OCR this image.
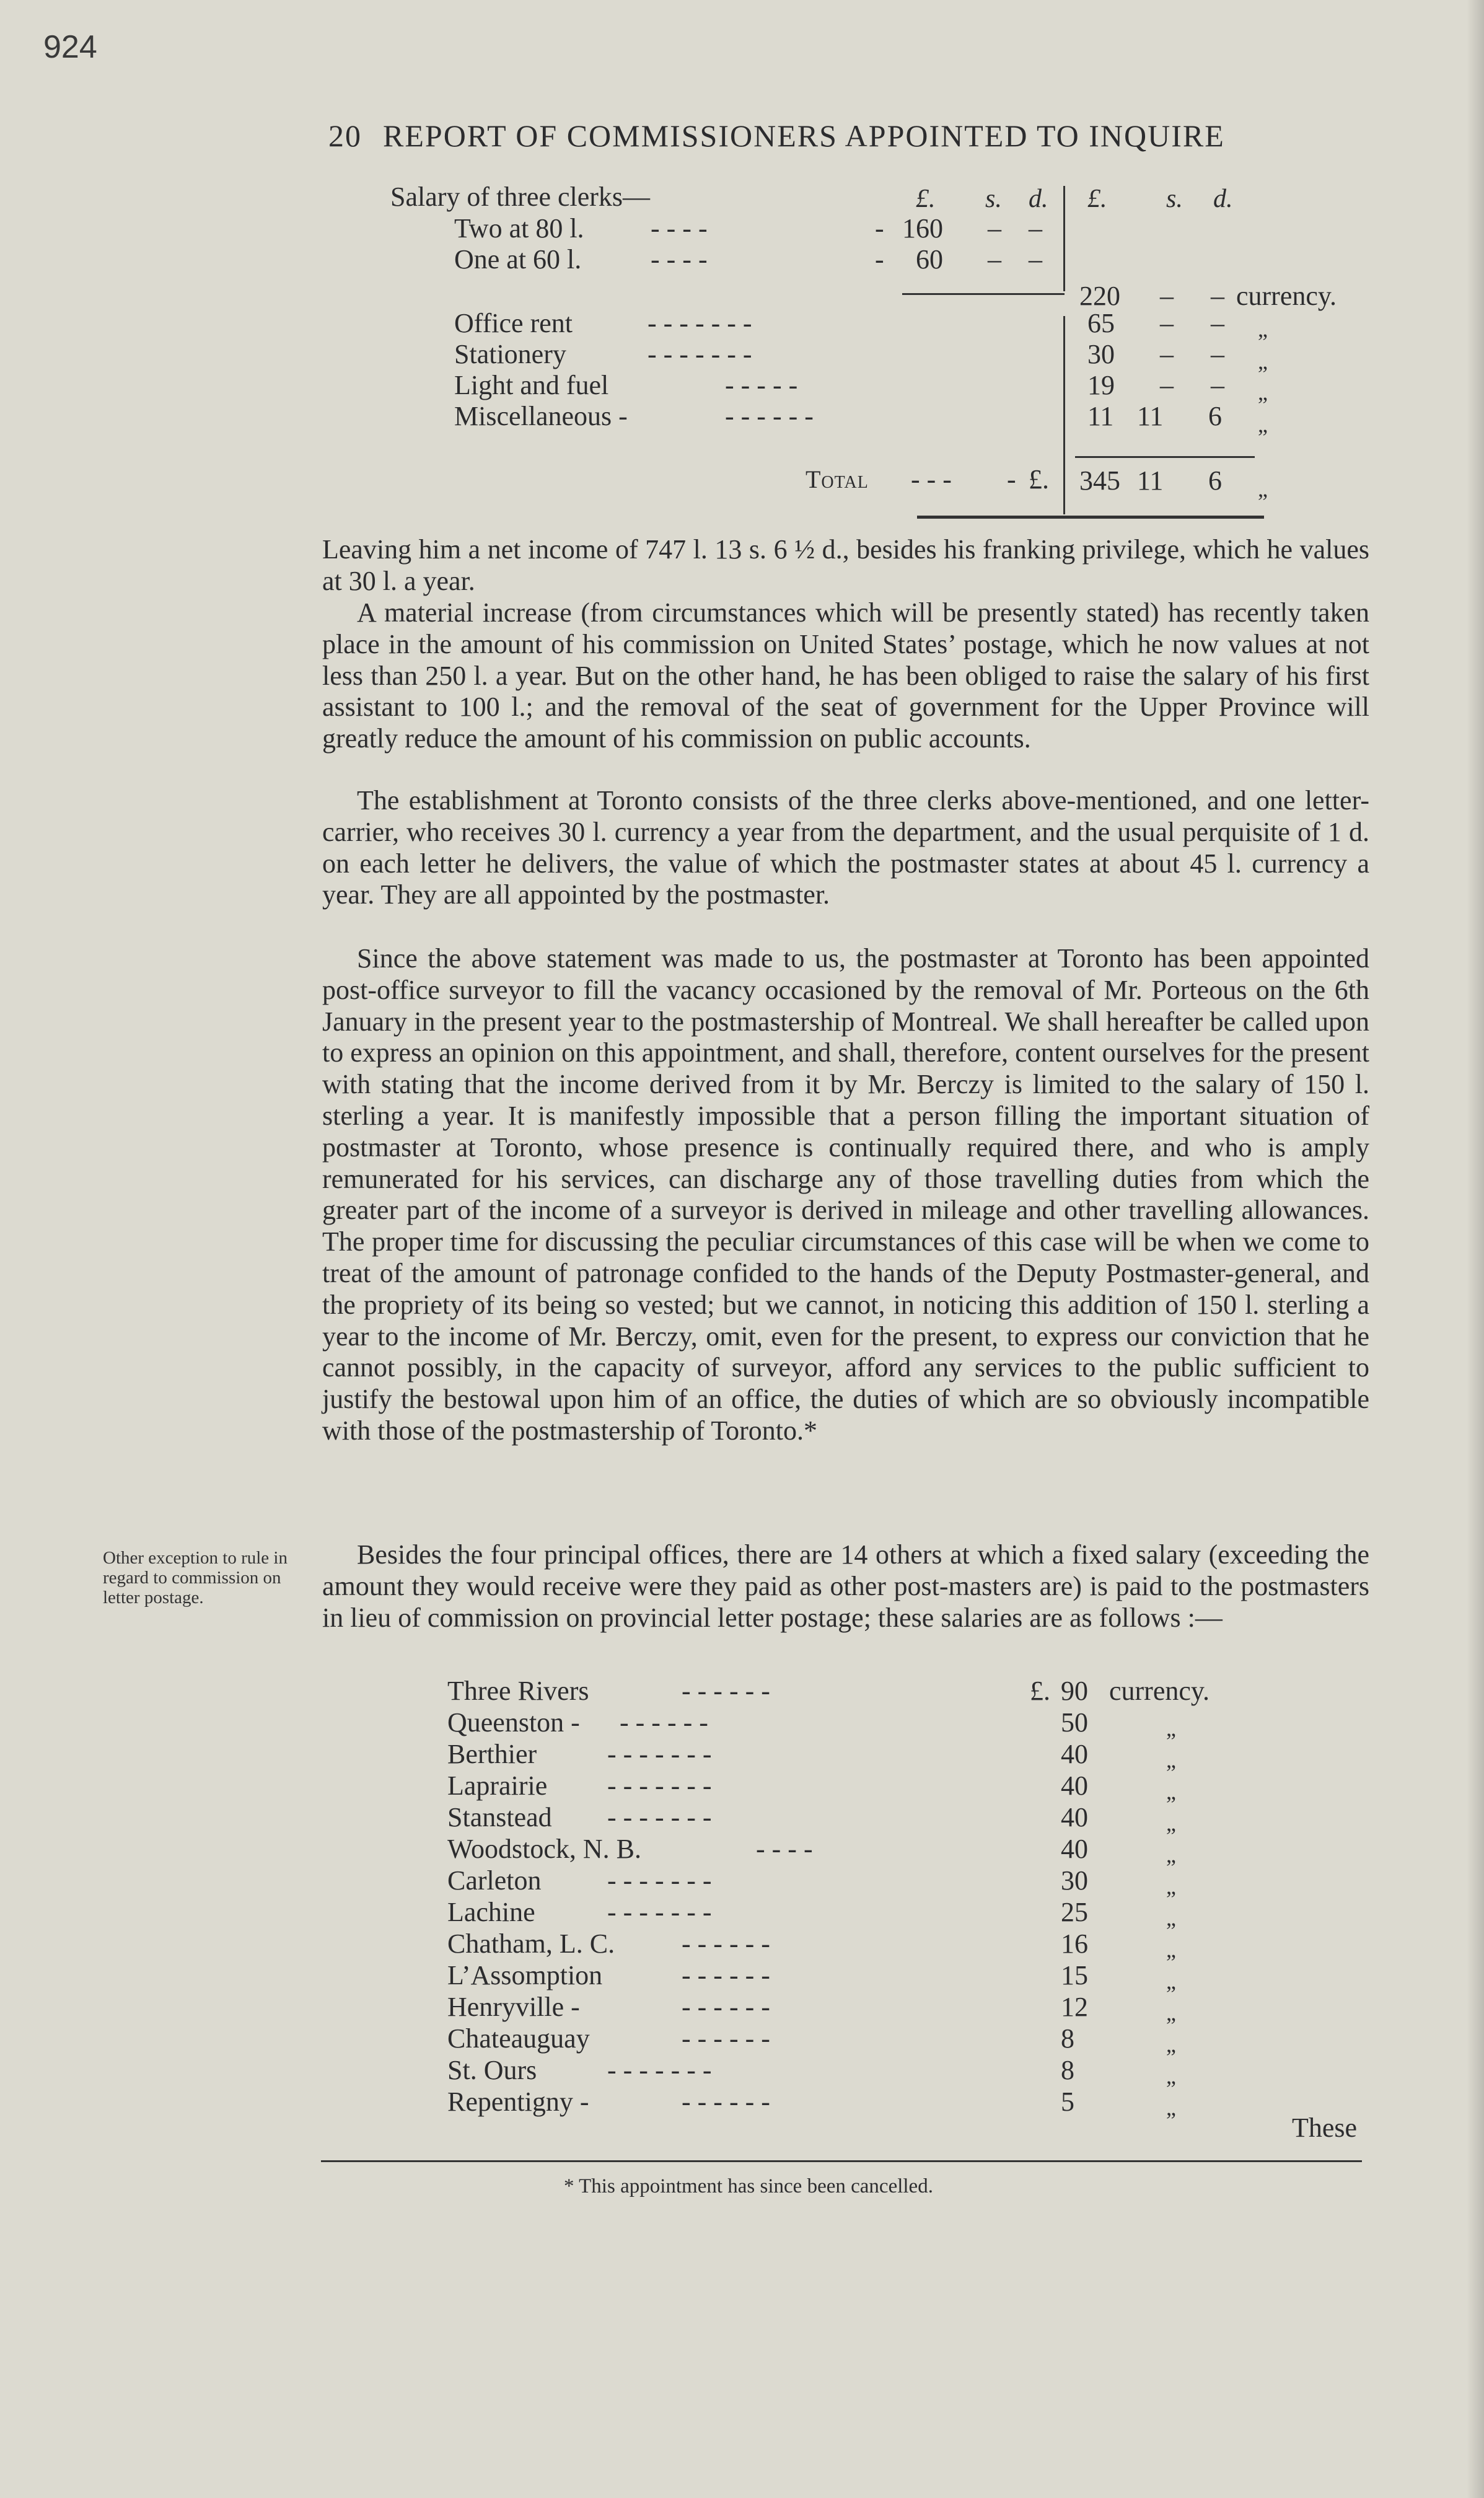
924
20 REPORT OF COMMISSIONERS APPOINTED TO INQUIRE
Salary of three clerks—	£. s. d. £. s. d.
Two at 80 l. - - - -	- 160 – –
One at 60 l.	- - - -	- 60 – –
220 – – currency.
Office rent	- - - - - - -	65 – – „
Stationery	- - - - - - -	30 – – „
Light and fuel	- - - - -	19 – – „
Miscellaneous -	- - - - - -	11 11 6 „
Total - - - - £. 345 11 6 „

Leaving him a net income of 747 l. 13 s. 6 ½ d., besides his franking privilege, which he values at 30 l. a year.

A material increase (from circumstances which will be presently stated) has recently taken place in the amount of his commission on United States’ postage, which he now values at not less than 250 l. a year. But on the other hand, he has been obliged to raise the salary of his first assistant to 100 l.; and the removal of the seat of government for the Upper Province will greatly reduce the amount of his commission on public accounts.

The establishment at Toronto consists of the three clerks above-mentioned, and one letter-carrier, who receives 30 l. currency a year from the department, and the usual perquisite of 1 d. on each letter he delivers, the value of which the postmaster states at about 45 l. currency a year. They are all appointed by the postmaster.

Since the above statement was made to us, the postmaster at Toronto has been appointed post-office surveyor to fill the vacancy occasioned by the removal of Mr. Porteous on the 6th January in the present year to the postmastership of Montreal. We shall hereafter be called upon to express an opinion on this appointment, and shall, therefore, content ourselves for the present with stating that the income derived from it by Mr. Berczy is limited to the salary of 150 l. sterling a year. It is manifestly impossible that a person filling the important situation of postmaster at Toronto, whose presence is continually required there, and who is amply remunerated for his services, can discharge any of those travelling duties from which the greater part of the income of a surveyor is derived in mileage and other travelling allowances. The proper time for discussing the peculiar circumstances of this case will be when we come to treat of the amount of patronage confided to the hands of the Deputy Postmaster-general, and the propriety of its being so vested; but we cannot, in noticing this addition of 150 l. sterling a year to the income of Mr. Berczy, omit, even for the present, to express our conviction that he cannot possibly, in the capacity of surveyor, afford any services to the public sufficient to justify the bestowal upon him of an office, the duties of which are so obviously incompatible with those of the postmastership of Toronto.*

Besides the four principal offices, there are 14 others at which a fixed salary (exceeding the amount they would receive were they paid as other post-masters are) is paid to the postmasters in lieu of commission on provincial letter postage; these salaries are as follows :—

Other exception to rule in regard to commission on letter postage.
£.
Three Rivers	- - - - - -	90 currency.
Queenston - - - - - - -	50	„
Berthier	- - - - - - -	40	„
Laprairie - - - - - - -	40	„
Stanstead - - - - - - -	40	„
Woodstock, N. B.	- - - -	40	„
Carleton - - - - - - -	30	„
Lachine	- - - - - - -	25	„
Chatham, L. C. - - - - - -	16	„
L’Assomption	- - - - - -	15	„
Henryville -	- - - - - -	12	„
Chateauguay	- - - - - -	8	„
St. Ours	- - - - - - -	8	„
Repentigny -	- - - - - -	5	„
These
* This appointment has since been cancelled.
